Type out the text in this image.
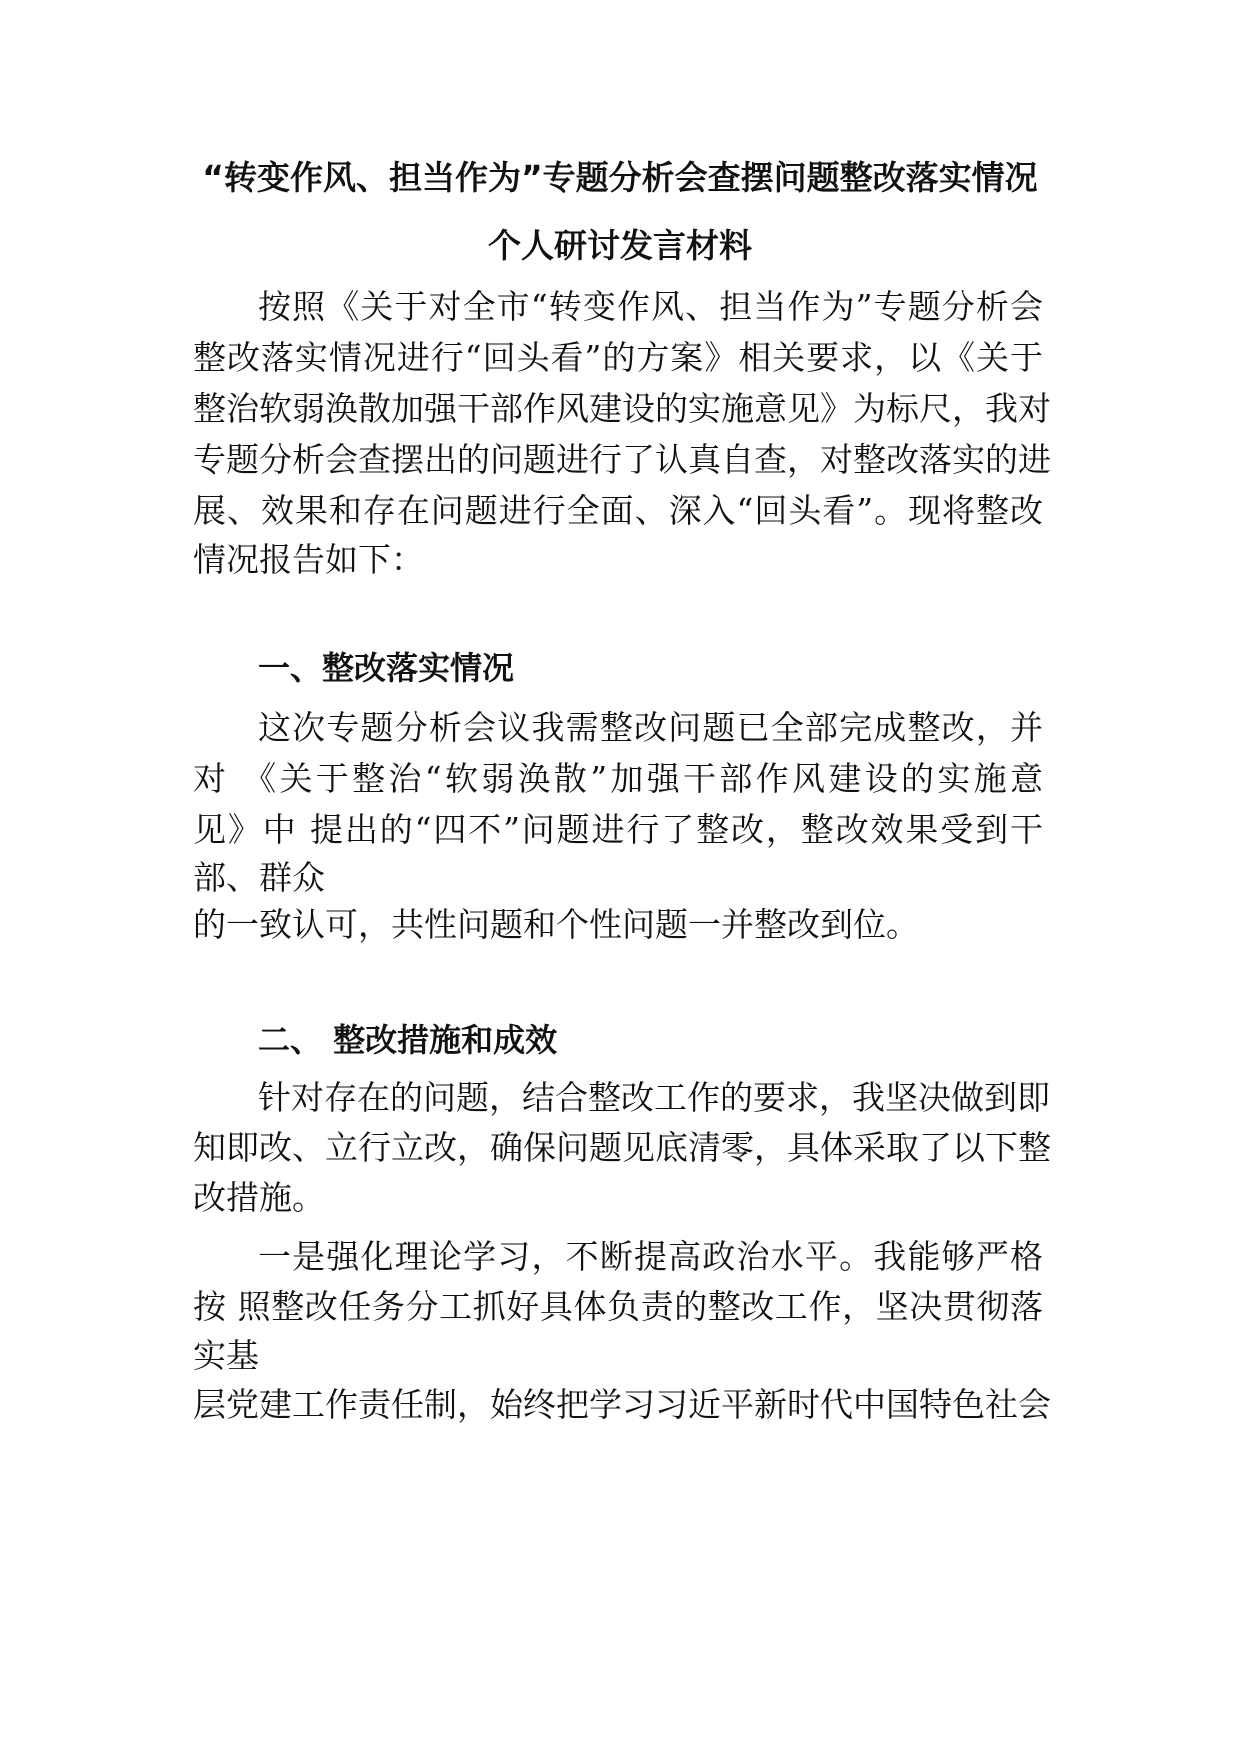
“转变作风、担当作为”专题分析会查摆问题整改落实情况
个人研讨发言材料
按照《关于对全市“转变作风、担当作为”专题分析会
整改落实情况进行“回头看”的方案》相关要求，以《关于
整治软弱涣散加强干部作风建设的实施意见》为标尺，我对
专题分析会查摆出的问题进行了认真自查，对整改落实的进
展、效果和存在问题进行全面、深入“回头看”。现将整改
情况报告如下：
一、整改落实情况
这次专题分析会议我需整改问题已全部完成整改，并
对 《关于整治“软弱涣散”加强干部作风建设的实施意
见》中 提出的“四不”问题进行了整改，整改效果受到干
部、群众
的一致认可，共性问题和个性问题一并整改到位。
二、 整改措施和成效
针对存在的问题，结合整改工作的要求，我坚决做到即
知即改、立行立改，确保问题见底清零，具体采取了以下整
改措施。
一是强化理论学习，不断提高政治水平。我能够严格
按 照整改任务分工抓好具体负责的整改工作，坚决贯彻落
实基
层党建工作责任制，始终把学习习近平新时代中国特色社会
